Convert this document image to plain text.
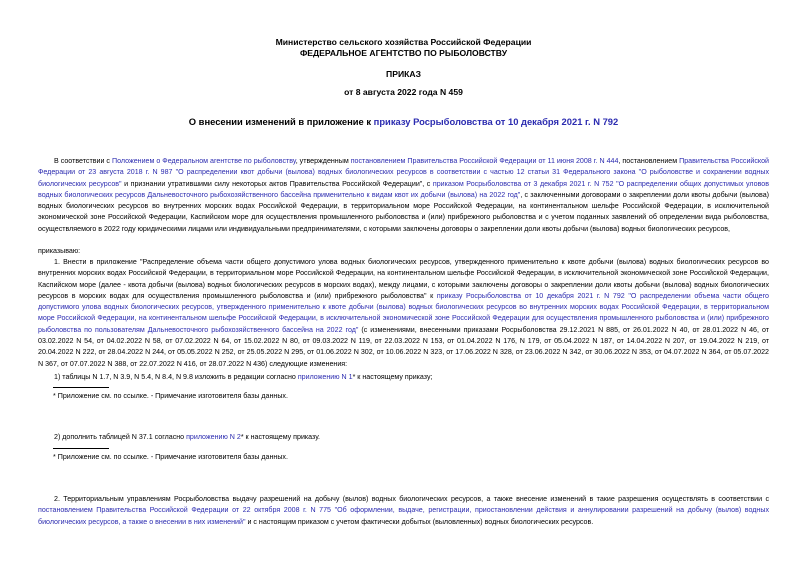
Министерство сельского хозяйства Российской Федерации
ФЕДЕРАЛЬНОЕ АГЕНТСТВО ПО РЫБОЛОВСТВУ
ПРИКАЗ
от 8 августа 2022 года N 459
О внесении изменений в приложение к приказу Росрыболовства от 10 декабря 2021 г. N 792
В соответствии с Положением о Федеральном агентстве по рыболовству, утвержденным постановлением Правительства Российской Федерации от 11 июня 2008 г. N 444, постановлением Правительства Российской Федерации от 23 августа 2018 г. N 987 "О распределении квот добычи (вылова) водных биологических ресурсов в соответствии с частью 12 статьи 31 Федерального закона "О рыболовстве и сохранении водных биологических ресурсов" и признании утратившими силу некоторых актов Правительства Российской Федерации", с приказом Росрыболовства от 3 декабря 2021 г. N 752 "О распределении общих допустимых уловов водных биологических ресурсов Дальневосточного рыбохозяйственного бассейна применительно к видам квот их добычи (вылова) на 2022 год", с заключенными договорами о закреплении доли квоты добычи (вылова) водных биологических ресурсов во внутренних морских водах Российской Федерации, в территориальном море Российской Федерации, на континентальном шельфе Российской Федерации, в исключительной экономической зоне Российской Федерации, Каспийском море для осуществления промышленного рыболовства и (или) прибрежного рыболовства и с учетом поданных заявлений об определении вида рыболовства, осуществляемого в 2022 году юридическими лицами или индивидуальными предпринимателями, с которыми заключены договоры о закреплении доли квоты добычи (вылова) водных биологических ресурсов,
приказываю:
1. Внести в приложение "Распределение объема части общего допустимого улова водных биологических ресурсов, утвержденного применительно к квоте добычи (вылова) водных биологических ресурсов во внутренних морских водах Российской Федерации, в территориальном море Российской Федерации, на континентальном шельфе Российской Федерации, в исключительной экономической зоне Российской Федерации, Каспийском море (далее - квота добычи (вылова) водных биологических ресурсов в морских водах), между лицами, с которыми заключены договоры о закреплении доли квоты добычи (вылова) водных биологических ресурсов в морских водах для осуществления промышленного рыболовства и (или) прибрежного рыболовства" к приказу Росрыболовства от 10 декабря 2021 г. N 792 "О распределении объема части общего допустимого улова водных биологических ресурсов, утвержденного применительно к квоте добычи (вылова) водных биологических ресурсов во внутренних морских водах Российской Федерации, в территориальном море Российской Федерации, на континентальном шельфе Российской Федерации, в исключительной экономической зоне Российской Федерации для осуществления промышленного рыболовства и (или) прибрежного рыболовства по пользователям Дальневосточного рыбохозяйственного бассейна на 2022 год" (с изменениями, внесенными приказами Росрыболовства 29.12.2021 N 885, от 26.01.2022 N 40, от 28.01.2022 N 46, от 03.02.2022 N 54, от 04.02.2022 N 58, от 07.02.2022 N 64, от 15.02.2022 N 80, от 09.03.2022 N 119, от 22.03.2022 N 153, от 01.04.2022 N 176, N 179, от 05.04.2022 N 187, от 14.04.2022 N 207, от 19.04.2022 N 219, от 20.04.2022 N 222, от 28.04.2022 N 244, от 05.05.2022 N 252, от 25.05.2022 N 295, от 01.06.2022 N 302, от 10.06.2022 N 323, от 17.06.2022 N 328, от 23.06.2022 N 342, от 30.06.2022 N 353, от 04.07.2022 N 364, от 05.07.2022 N 367, от 07.07.2022 N 388, от 22.07.2022 N 416, от 28.07.2022 N 436) следующие изменения:
1) таблицы N 1.7, N 3.9, N 5.4, N 8.4, N 9.8 изложить в редакции согласно приложению N 1* к настоящему приказу;
* Приложение см. по ссылке. - Примечание изготовителя базы данных.
2) дополнить таблицей N 37.1 согласно приложению N 2* к настоящему приказу.
* Приложение см. по ссылке. - Примечание изготовителя базы данных.
2. Территориальным управлениям Росрыболовства выдачу разрешений на добычу (вылов) водных биологических ресурсов, а также внесение изменений в такие разрешения осуществлять в соответствии с постановлением Правительства Российской Федерации от 22 октября 2008 г. N 775 "Об оформлении, выдаче, регистрации, приостановлении действия и аннулировании разрешений на добычу (вылов) водных биологических ресурсов, а также о внесении в них изменений" и с настоящим приказом с учетом фактически добытых (выловленных) водных биологических ресурсов.
